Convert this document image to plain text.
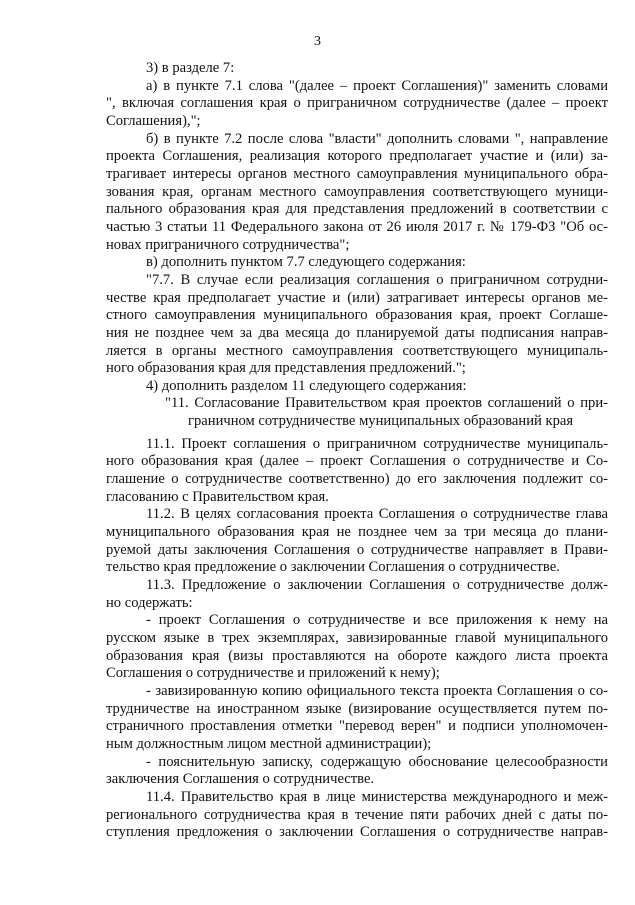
3
3) в разделе 7:
а) в пункте 7.1 слова "(далее – проект Соглашения)" заменить словами
", включая соглашения края о приграничном сотрудничестве (далее – проект
Соглашения),";
б) в пункте 7.2 после слова "власти" дополнить словами ", направление
проекта Соглашения, реализация которого предполагает участие и (или) за-
трагивает интересы органов местного самоуправления муниципального обра-
зования края, органам местного самоуправления соответствующего муници-
пального образования края для представления предложений в соответствии с
частью 3 статьи 11 Федерального закона от 26 июля 2017 г. № 179-ФЗ "Об ос-
новах приграничного сотрудничества";
в) дополнить пунктом 7.7 следующего содержания:
"7.7. В случае если реализация соглашения о приграничном сотрудни-
честве края предполагает участие и (или) затрагивает интересы органов ме-
стного самоуправления муниципального образования края, проект Соглаше-
ния не позднее чем за два месяца до планируемой даты подписания направ-
ляется в органы местного самоуправления соответствующего муниципаль-
ного образования края для представления предложений.";
4) дополнить разделом 11 следующего содержания:
"11. Согласование Правительством края проектов соглашений о при-
граничном сотрудничестве муниципальных образований края
11.1. Проект соглашения о приграничном сотрудничестве муниципаль-
ного образования края (далее – проект Соглашения о сотрудничестве и Со-
глашение о сотрудничестве соответственно) до его заключения подлежит со-
гласованию с Правительством края.
11.2. В целях согласования проекта Соглашения о сотрудничестве глава
муниципального образования края не позднее чем за три месяца до плани-
руемой даты заключения Соглашения о сотрудничестве направляет в Прави-
тельство края предложение о заключении Соглашения о сотрудничестве.
11.3. Предложение о заключении Соглашения о сотрудничестве долж-
но содержать:
- проект Соглашения о сотрудничестве и все приложения к нему на
русском языке в трех экземплярах, завизированные главой муниципального
образования края (визы проставляются на обороте каждого листа проекта
Соглашения о сотрудничестве и приложений к нему);
- завизированную копию официального текста проекта Соглашения о со-
трудничестве на иностранном языке (визирование осуществляется путем по-
страничного проставления отметки "перевод верен" и подписи уполномочен-
ным должностным лицом местной администрации);
- пояснительную записку, содержащую обоснование целесообразности
заключения Соглашения о сотрудничестве.
11.4. Правительство края в лице министерства международного и меж-
регионального сотрудничества края в течение пяти рабочих дней с даты по-
ступления предложения о заключении Соглашения о сотрудничестве направ-
